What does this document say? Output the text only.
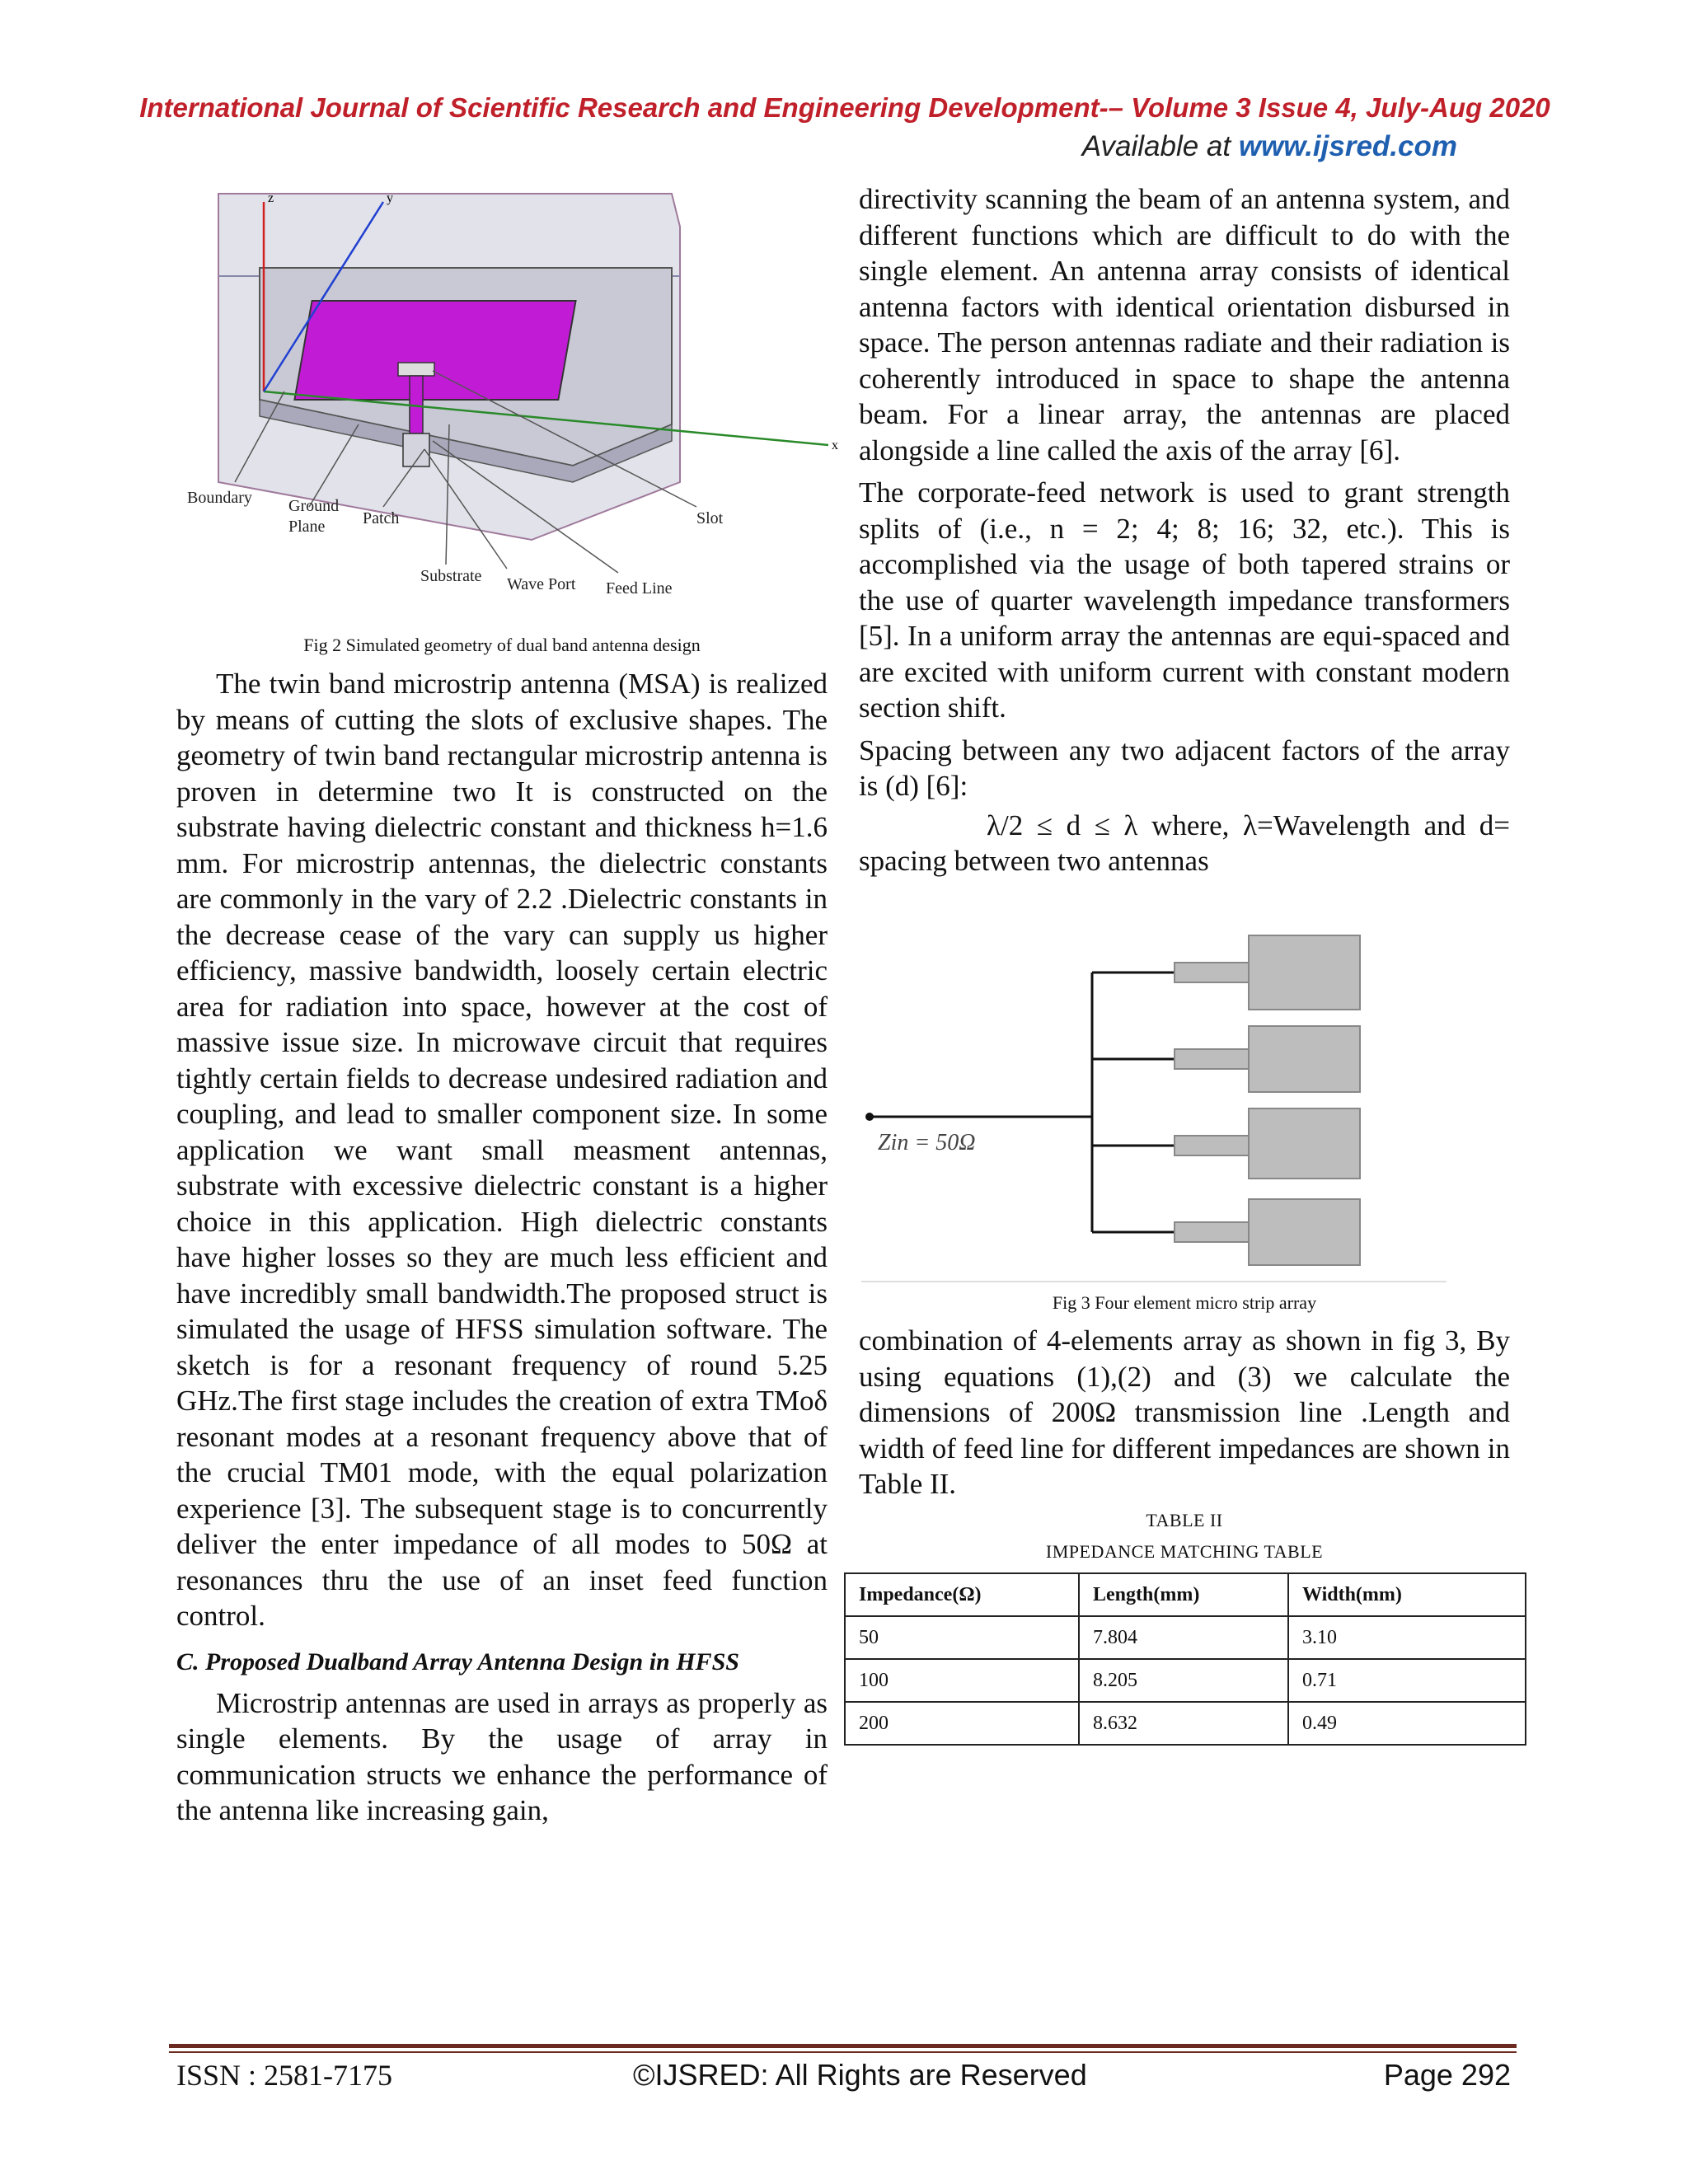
International Journal of Scientific Research and Engineering Development-– Volume 3 Issue 4, July-Aug 2020
Available at www.ijsred.com
x
y
z
Boundary Ground
Plane Patch
Substrate Wave Port Feed Line
Slot
Fig 2 Simulated geometry of dual band antenna design

The twin band microstrip antenna (MSA) is realized by means of cutting the slots of exclusive shapes. The geometry of twin band rectangular microstrip antenna is proven in determine two It is constructed on the substrate having dielectric constant and thickness h=1.6 mm. For microstrip antennas, the dielectric constants are commonly in the vary of 2.2 .Dielectric constants in the decrease cease of the vary can supply us higher efficiency, massive bandwidth, loosely certain electric area for radiation into space, however at the cost of massive issue size. In microwave circuit that requires tightly certain fields to decrease undesired radiation and coupling, and lead to smaller component size. In some application we want small measment antennas, substrate with excessive dielectric constant is a higher choice in this application. High dielectric constants have higher losses so they are much less efficient and have incredibly small bandwidth.The proposed struct is simulated the usage of HFSS simulation software. The sketch is for a resonant frequency of round 5.25 GHz.The first stage includes the creation of extra TMoδ resonant modes at a resonant frequency above that of the crucial TM01 mode, with the equal polarization experience [3]. The subsequent stage is to concurrently deliver the enter impedance of all modes to 50Ω at resonances thru the use of an inset feed function control.

C. Proposed Dualband Array Antenna Design in HFSS

Microstrip antennas are used in arrays as properly as single elements. By the usage of array in communication structs we enhance the performance of the antenna like increasing gain,

directivity scanning the beam of an antenna system, and different functions which are difficult to do with the single element. An antenna array consists of identical antenna factors with identical orientation disbursed in space. The person antennas radiate and their radiation is coherently introduced in space to shape the antenna beam. For a linear array, the antennas are placed alongside a line called the axis of the array [6].

The corporate-feed network is used to grant strength splits of (i.e., n = 2; 4; 8; 16; 32, etc.). This is accomplished via the usage of both tapered strains or the use of quarter wavelength impedance transformers [5]. In a uniform array the antennas are equi-spaced and are excited with uniform current with constant modern section shift.

Spacing between any two adjacent factors of the array is (d) [6]:

λ/2 ≤ d ≤ λ where, λ=Wavelength and d= spacing between two antennas

Zin = 50Ω
Fig 3 Four element micro strip array

combination of 4-elements array as shown in fig 3, By using equations (1),(2) and (3) we calculate the dimensions of 200Ω transmission line .Length and width of feed line for different impedances are shown in Table II.

TABLE II
IMPEDANCE MATCHING TABLE
Impedance(Ω)	Length(mm)	Width(mm)
50	7.804	3.10
100	8.205	0.71
200	8.632	0.49
ISSN : 2581-7175	©IJSRED: All Rights are Reserved	Page 292
